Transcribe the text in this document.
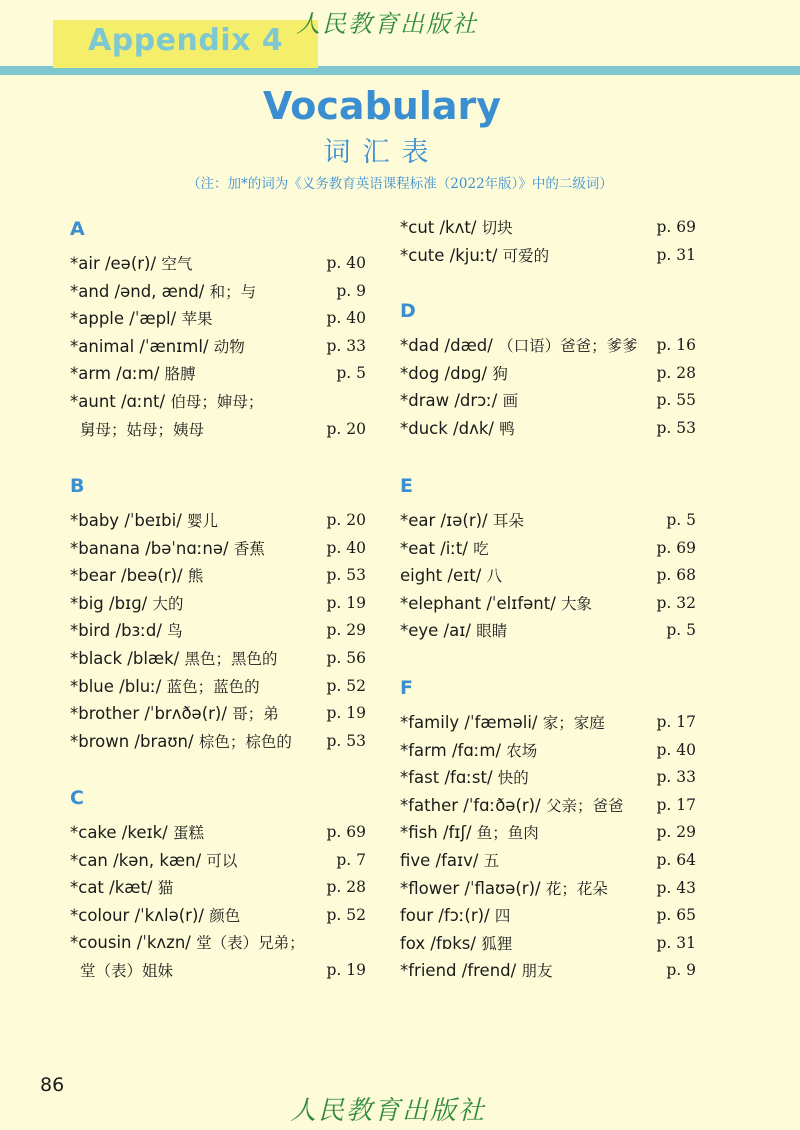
Appendix 4 人民教育出版社
Vocabulary
词汇表
（注：加*的词为《义务教育英语课程标准（2022年版）》中的二级词）
A
*air /eə(r)/ 空气	p. 40
*and /ənd, ænd/ 和；与	p. 9
*apple /ˈæpl/ 苹果	p. 40
*animal /ˈænɪml/ 动物	p. 33
*arm /ɑːm/ 胳膊	p. 5
*aunt /ɑːnt/ 伯母；婶母；
舅母；姑母；姨母	p. 20
B
*baby /ˈbeɪbi/ 婴儿	p. 20
*banana /bəˈnɑːnə/ 香蕉	p. 40
*bear /beə(r)/ 熊	p. 53
*big /bɪɡ/ 大的	p. 19
*bird /bɜːd/ 鸟	p. 29
*black /blæk/ 黑色；黑色的	p. 56
*blue /bluː/ 蓝色；蓝色的	p. 52
*brother /ˈbrʌðə(r)/ 哥；弟	p. 19
*brown /braʊn/ 棕色；棕色的 p. 53
C
*cake /keɪk/ 蛋糕	p. 69
*can /kən, kæn/ 可以	p. 7
*cat /kæt/ 猫	p. 28
*colour /ˈkʌlə(r)/ 颜色	p. 52
*cousin /ˈkʌzn/ 堂（表）兄弟；
堂（表）姐妹	p. 19
*cut /kʌt/ 切块	p. 69
*cute /kjuːt/ 可爱的	p. 31
D
*dad /dæd/ （口语）爸爸；爹爹 p. 16
*dog /dɒɡ/ 狗	p. 28
*draw /drɔː/ 画	p. 55
*duck /dʌk/ 鸭	p. 53
E
*ear /ɪə(r)/ 耳朵	p. 5
*eat /iːt/ 吃	p. 69
eight /eɪt/ 八	p. 68
*elephant /ˈelɪfənt/ 大象	p. 32
*eye /aɪ/ 眼睛	p. 5
F
*family /ˈfæməli/ 家；家庭	p. 17
*farm /fɑːm/ 农场	p. 40
*fast /fɑːst/ 快的	p. 33
*father /ˈfɑːðə(r)/ 父亲；爸爸 p. 17
*fish /fɪʃ/ 鱼；鱼肉	p. 29
five /faɪv/ 五	p. 64
*flower /ˈflaʊə(r)/ 花；花朵	p. 43
four /fɔː(r)/ 四	p. 65
fox /fɒks/ 狐狸	p. 31
*friend /frend/ 朋友	p. 9
86
人民教育出版社
